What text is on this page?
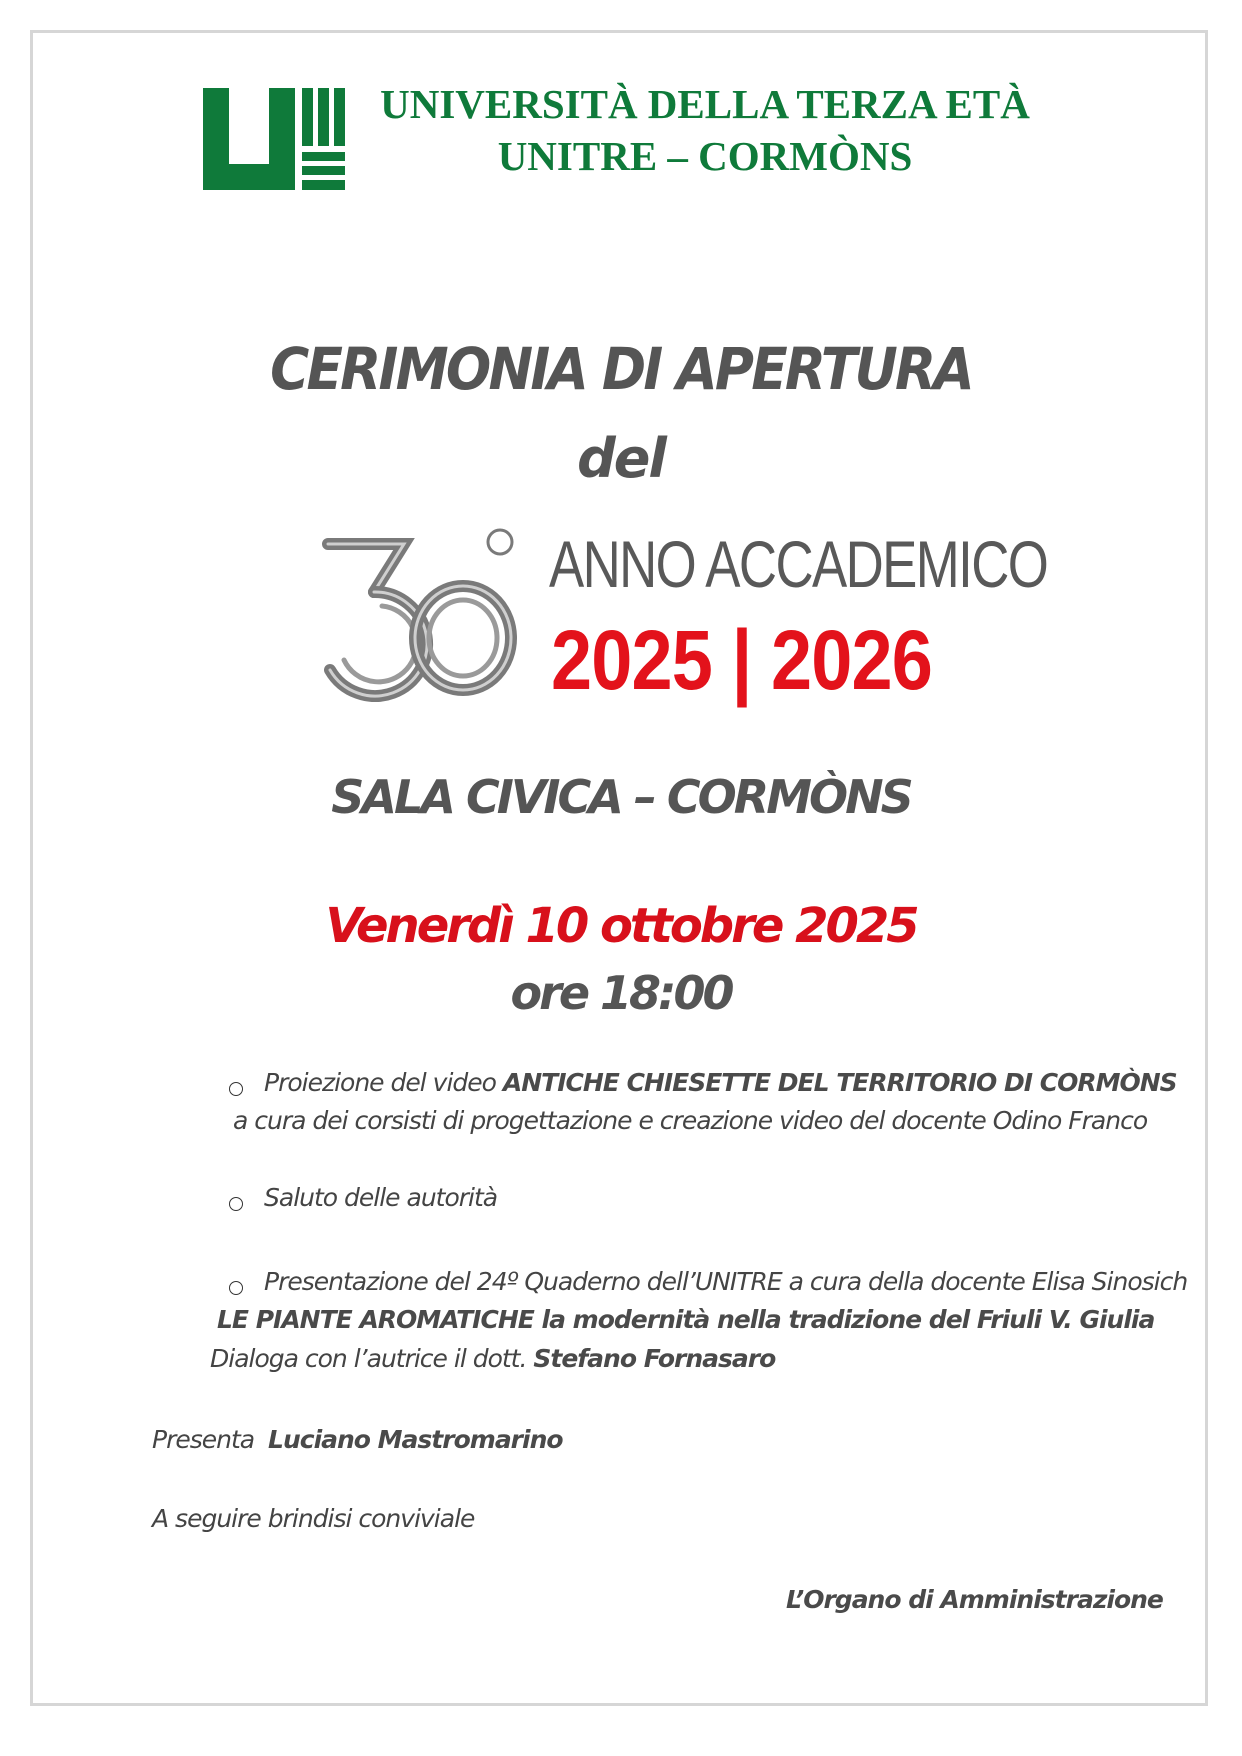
UNIVERSITÀ DELLA TERZA ETÀ
UNITRE – CORMÒNS
CERIMONIA DI APERTURA
del
ANNO ACCADEMICO
2025 | 2026
SALA CIVICA – CORMÒNS
Venerdì 10 ottobre 2025
ore 18:00
Proiezione del video ANTICHE CHIESETTE DEL TERRITORIO DI CORMÒNS
a cura dei corsisti di progettazione e creazione video del docente Odino Franco
Saluto delle autorità
Presentazione del 24º Quaderno dell’UNITRE a cura della docente Elisa Sinosich
LE PIANTE AROMATICHE la modernità nella tradizione del Friuli V. Giulia
Dialoga con l’autrice il dott. Stefano Fornasaro
Presenta Luciano Mastromarino
A seguire brindisi conviviale
L’Organo di Amministrazione
